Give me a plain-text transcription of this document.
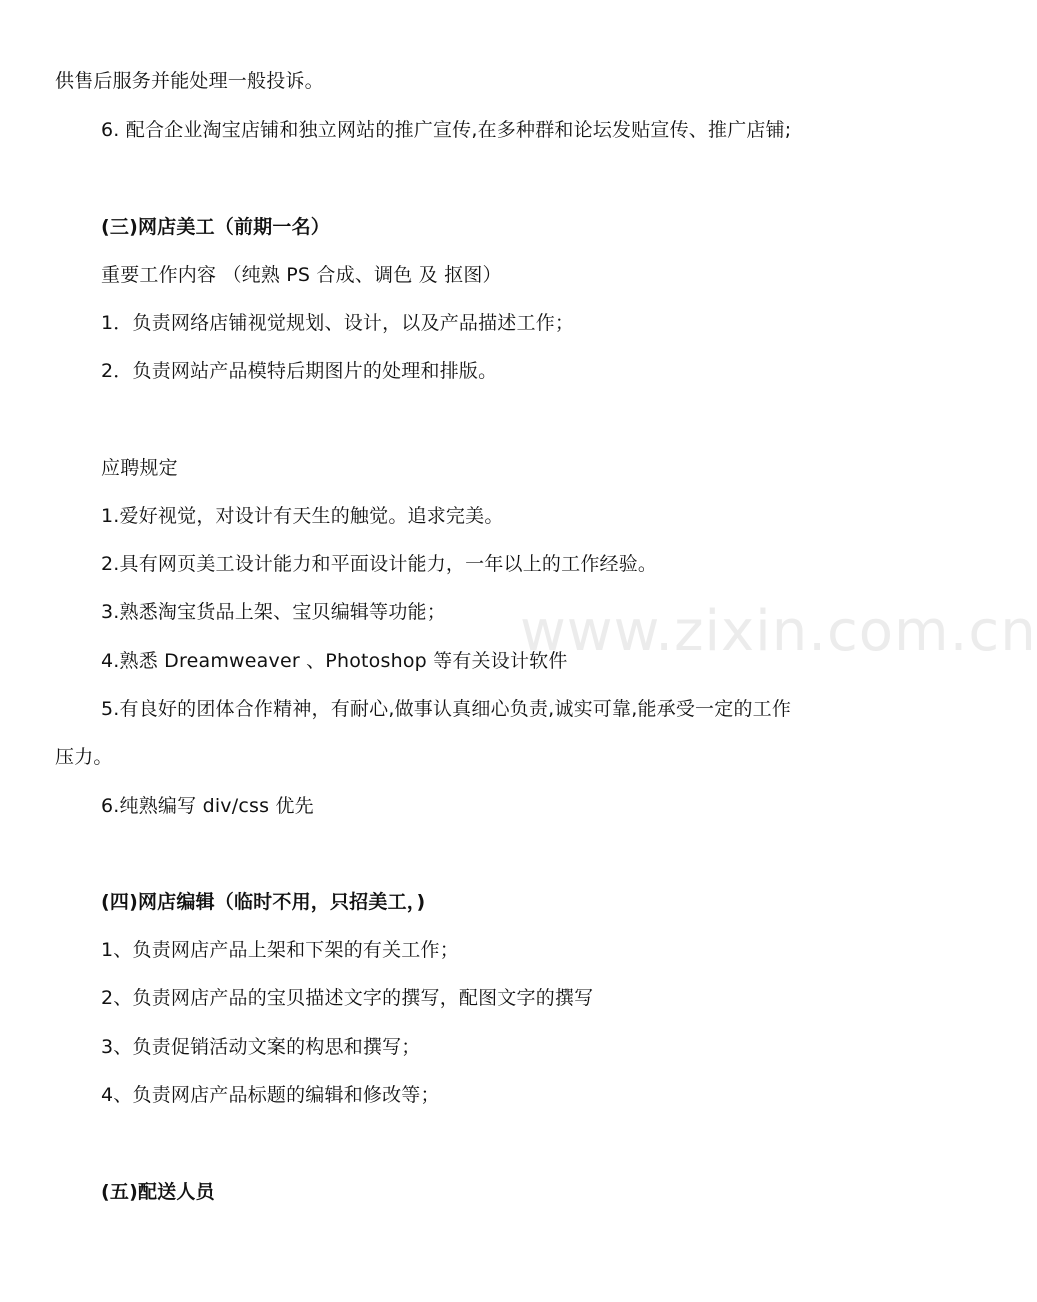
www.zixin.com.cn
供售后服务并能处理一般投诉。
6. 配合企业淘宝店铺和独立网站的推广宣传,在多种群和论坛发贴宣传、推广店铺;
(三)网店美工（前期一名）
重要工作内容 （纯熟 PS 合成、调色 及 抠图）
1．负责网络店铺视觉规划、设计，以及产品描述工作；
2．负责网站产品模特后期图片的处理和排版。
应聘规定
1.爱好视觉，对设计有天生的触觉。追求完美。
2.具有网页美工设计能力和平面设计能力，一年以上的工作经验。
3.熟悉淘宝货品上架、宝贝编辑等功能；
4.熟悉 Dreamweaver 、Photoshop 等有关设计软件
5.有良好的团体合作精神，有耐心,做事认真细心负责,诚实可靠,能承受一定的工作
压力。
6.纯熟编写 div/css 优先
(四)网店编辑（临时不用，只招美工，)
1、负责网店产品上架和下架的有关工作；
2、负责网店产品的宝贝描述文字的撰写，配图文字的撰写
3、负责促销活动文案的构思和撰写；
4、负责网店产品标题的编辑和修改等；
(五)配送人员
